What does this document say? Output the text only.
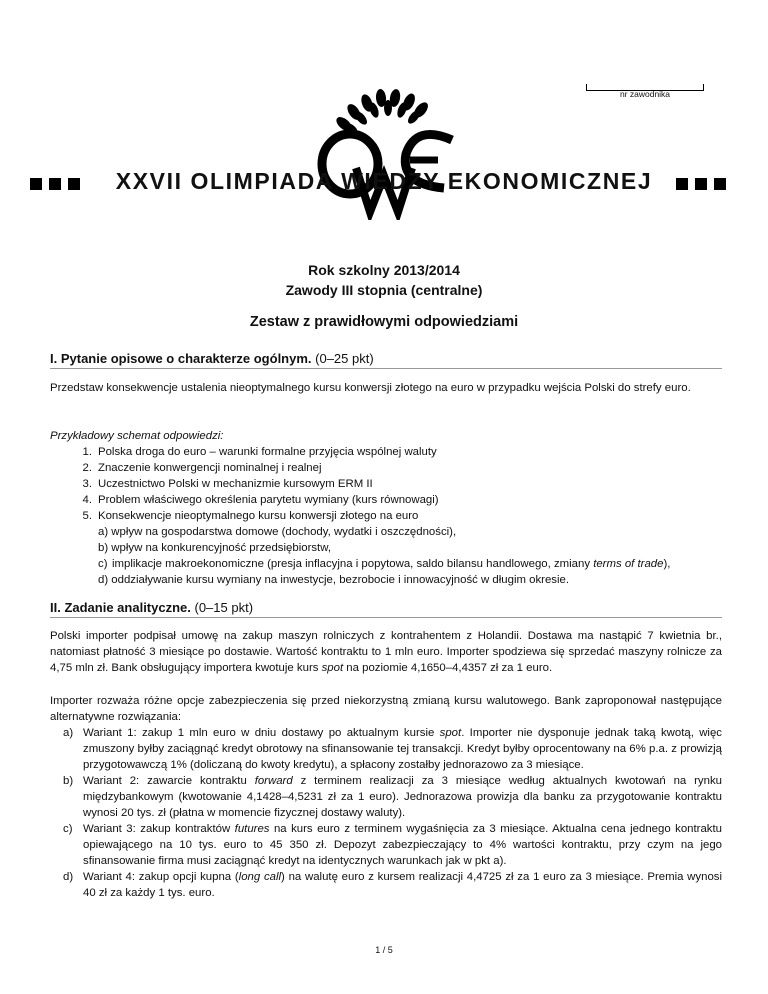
nr zawodnika
XXVII OLIMPIADA WIEDZY EKONOMICZNEJ
Rok szkolny 2013/2014
Zawody III stopnia (centralne)
Zestaw z prawidłowymi odpowiedziami
I. Pytanie opisowe o charakterze ogólnym. (0–25 pkt)
Przedstaw konsekwencje ustalenia nieoptymalnego kursu konwersji złotego na euro w przypadku wejścia Polski do strefy euro.
Przykładowy schemat odpowiedzi:
1. Polska droga do euro – warunki formalne przyjęcia wspólnej waluty
2. Znaczenie konwergencji nominalnej i realnej
3. Uczestnictwo Polski w mechanizmie kursowym ERM II
4. Problem właściwego określenia parytetu wymiany (kurs równowagi)
5. Konsekwencje nieoptymalnego kursu konwersji złotego na euro
a) wpływ na gospodarstwa domowe (dochody, wydatki i oszczędności),
b) wpływ na konkurencyjność przedsiębiorstw,
c) implikacje makroekonomiczne (presja inflacyjna i popytowa, saldo bilansu handlowego, zmiany terms of trade),
d) oddziaływanie kursu wymiany na inwestycje, bezrobocie i innowacyjność w długim okresie.
II. Zadanie analityczne. (0–15 pkt)
Polski importer podpisał umowę na zakup maszyn rolniczych z kontrahentem z Holandii. Dostawa ma nastąpić 7 kwietnia br., natomiast płatność 3 miesiące po dostawie. Wartość kontraktu to 1 mln euro. Importer spodziewa się sprzedać maszyny rolnicze za 4,75 mln zł. Bank obsługujący importera kwotuje kurs spot na poziomie 4,1650–4,4357 zł za 1 euro.
Importer rozważa różne opcje zabezpieczenia się przed niekorzystną zmianą kursu walutowego. Bank zaproponował następujące alternatywne rozwiązania:
a) Wariant 1: zakup 1 mln euro w dniu dostawy po aktualnym kursie spot. Importer nie dysponuje jednak taką kwotą, więc zmuszony byłby zaciągnąć kredyt obrotowy na sfinansowanie tej transakcji. Kredyt byłby oprocentowany na 6% p.a. z prowizją przygotowawczą 1% (doliczaną do kwoty kredytu), a spłacony zostałby jednorazowo za 3 miesiące.
b) Wariant 2: zawarcie kontraktu forward z terminem realizacji za 3 miesiące według aktualnych kwotowań na rynku międzybankowym (kwotowanie 4,1428–4,5231 zł za 1 euro). Jednorazowa prowizja dla banku za przygotowanie kontraktu wynosi 20 tys. zł (płatna w momencie fizycznej dostawy waluty).
c) Wariant 3: zakup kontraktów futures na kurs euro z terminem wygaśnięcia za 3 miesiące. Aktualna cena jednego kontraktu opiewającego na 10 tys. euro to 45 350 zł. Depozyt zabezpieczający to 4% wartości kontraktu, przy czym na jego sfinansowanie firma musi zaciągnąć kredyt na identycznych warunkach jak w pkt a).
d) Wariant 4: zakup opcji kupna (long call) na walutę euro z kursem realizacji 4,4725 zł za 1 euro za 3 miesiące. Premia wynosi 40 zł za każdy 1 tys. euro.
1 / 5
